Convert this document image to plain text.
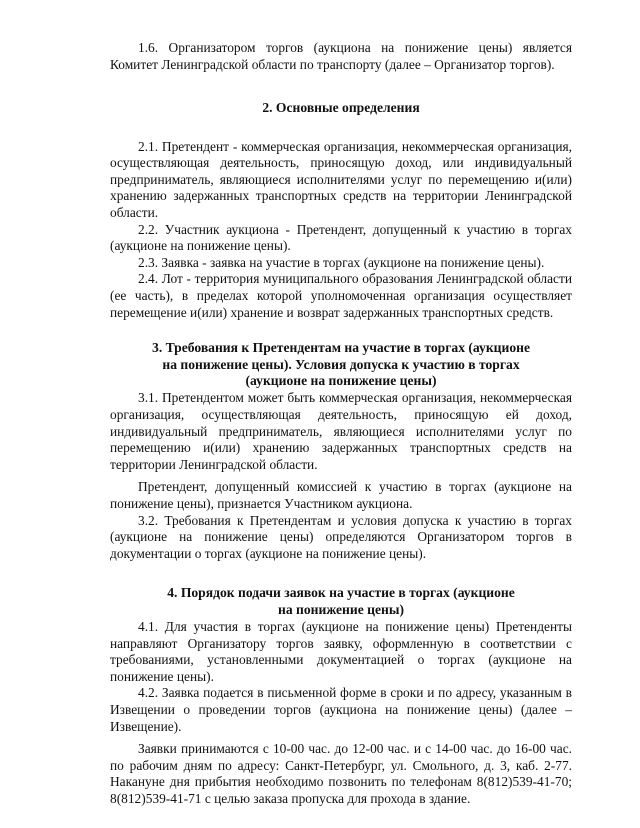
1.6. Организатором торгов (аукциона на понижение цены) является Комитет Ленинградской области по транспорту (далее – Организатор торгов).

2. Основные определения

2.1. Претендент - коммерческая организация, некоммерческая организация, осуществляющая деятельность, приносящую доход, или индивидуальный предприниматель, являющиеся исполнителями услуг по перемещению и(или) хранению задержанных транспортных средств на территории Ленинградской области.

2.2. Участник аукциона - Претендент, допущенный к участию в торгах (аукционе на понижение цены).

2.3. Заявка - заявка на участие в торгах (аукционе на понижение цены).

2.4. Лот - территория муниципального образования Ленинградской области (ее часть), в пределах которой уполномоченная организация осуществляет перемещение и(или) хранение и возврат задержанных транспортных средств.

3. Требования к Претендентам на участие в торгах (аукционе
на понижение цены). Условия допуска к участию в торгах
(аукционе на понижение цены)

3.1. Претендентом может быть коммерческая организация, некоммерческая организация, осуществляющая деятельность, приносящую ей доход, индивидуальный предприниматель, являющиеся исполнителями услуг по перемещению и(или) хранению задержанных транспортных средств на территории Ленинградской области.

Претендент, допущенный комиссией к участию в торгах (аукционе на понижение цены), признается Участником аукциона.

3.2. Требования к Претендентам и условия допуска к участию в торгах (аукционе на понижение цены) определяются Организатором торгов в документации о торгах (аукционе на понижение цены).

4. Порядок подачи заявок на участие в торгах (аукционе
на понижение цены)

4.1. Для участия в торгах (аукционе на понижение цены) Претенденты направляют Организатору торгов заявку, оформленную в соответствии с требованиями, установленными документацией о торгах (аукционе на понижение цены).

4.2. Заявка подается в письменной форме в сроки и по адресу, указанным в Извещении о проведении торгов (аукциона на понижение цены) (далее – Извещение).

Заявки принимаются с 10-00 час. до 12-00 час. и с 14-00 час. до 16-00 час. по рабочим дням по адресу: Санкт-Петербург, ул. Смольного, д. 3, каб. 2-77. Накануне дня прибытия необходимо позвонить по телефонам 8(812)539-41-70; 8(812)539-41-71 с целью заказа пропуска для прохода в здание.
